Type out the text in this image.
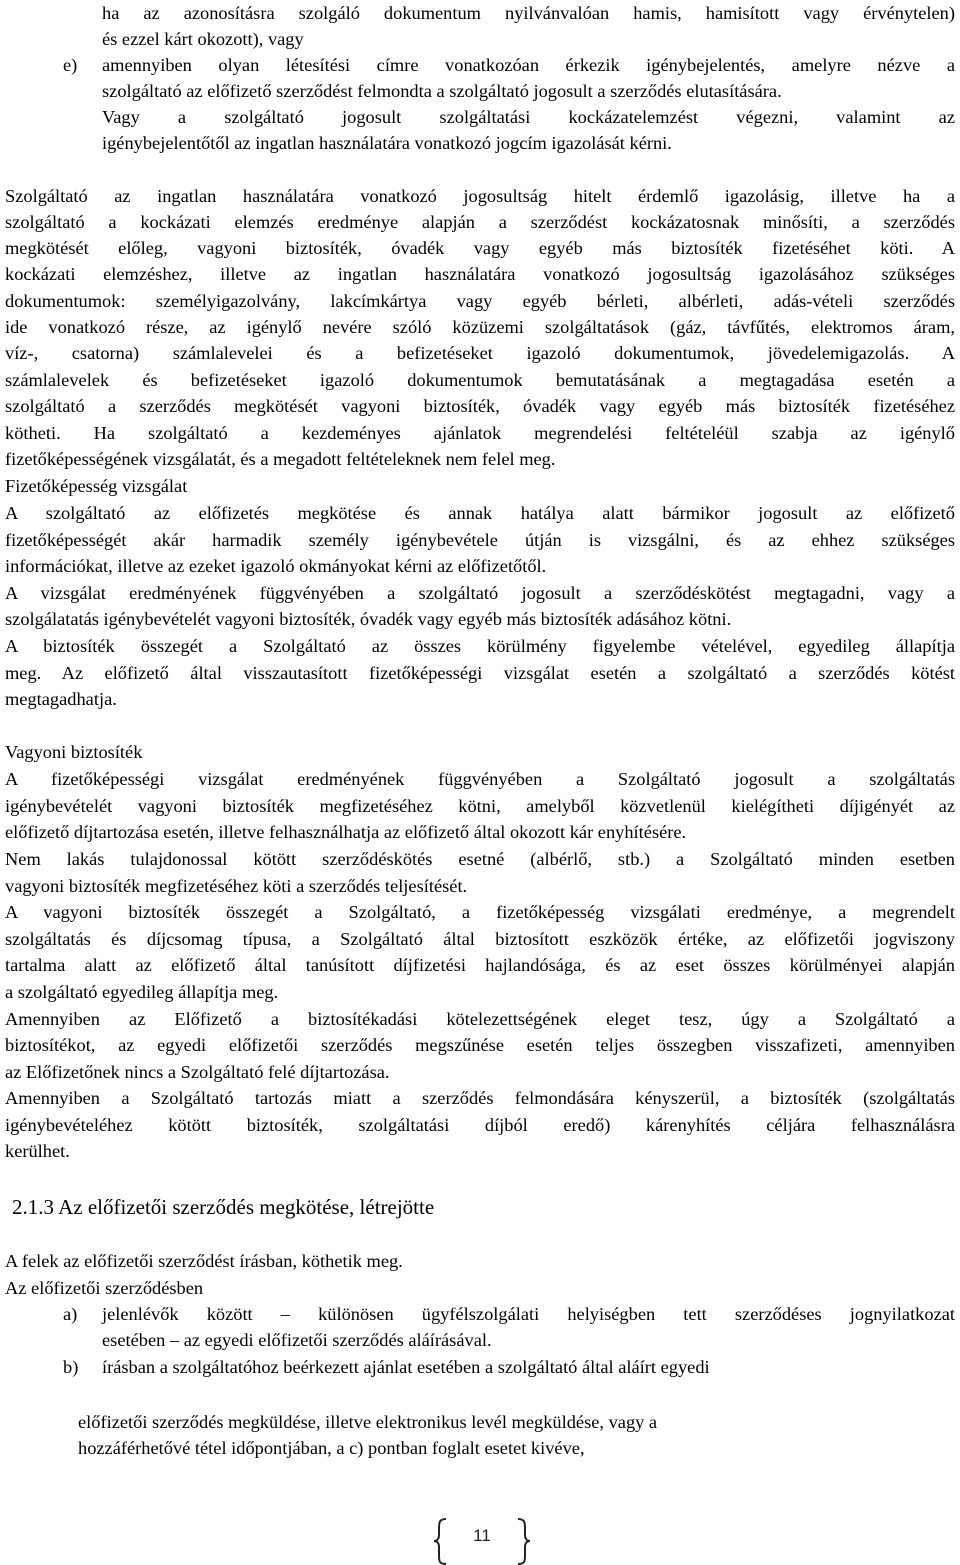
ha az azonosításra szolgáló dokumentum nyilvánvalóan hamis, hamisított vagy érvénytelen)
és ezzel kárt okozott), vagy
e) amennyiben olyan létesítési címre vonatkozóan érkezik igénybejelentés, amelyre nézve a
szolgáltató az előfizető szerződést felmondta a szolgáltató jogosult a szerződés elutasítására.
Vagy a szolgáltató jogosult szolgáltatási kockázatelemzést végezni, valamint az
igénybejelentőtől az ingatlan használatára vonatkozó jogcím igazolását kérni.
Szolgáltató az ingatlan használatára vonatkozó jogosultság hitelt érdemlő igazolásig, illetve ha a
szolgáltató a kockázati elemzés eredménye alapján a szerződést kockázatosnak minősíti, a szerződés
megkötését előleg, vagyoni biztosíték, óvadék vagy egyéb más biztosíték fizetéséhet köti. A
kockázati elemzéshez, illetve az ingatlan használatára vonatkozó jogosultság igazolásához szükséges
dokumentumok: személyigazolvány, lakcímkártya vagy egyéb bérleti, albérleti, adás-vételi szerződés
ide vonatkozó része, az igénylő nevére szóló közüzemi szolgáltatások (gáz, távfűtés, elektromos áram,
víz-, csatorna) számlalevelei és a befizetéseket igazoló dokumentumok, jövedelemigazolás. A
számlalevelek és befizetéseket igazoló dokumentumok bemutatásának a megtagadása esetén a
szolgáltató a szerződés megkötését vagyoni biztosíték, óvadék vagy egyéb más biztosíték fizetéséhez
kötheti. Ha szolgáltató a kezdeményes ajánlatok megrendelési feltételéül szabja az igénylő
fizetőképességének vizsgálatát, és a megadott feltételeknek nem felel meg.
Fizetőképesség vizsgálat
A szolgáltató az előfizetés megkötése és annak hatálya alatt bármikor jogosult az előfizető
fizetőképességét akár harmadik személy igénybevétele útján is vizsgálni, és az ehhez szükséges
információkat, illetve az ezeket igazoló okmányokat kérni az előfizetőtől.
A vizsgálat eredményének függvényében a szolgáltató jogosult a szerződéskötést megtagadni, vagy a
szolgálatatás igénybevételét vagyoni biztosíték, óvadék vagy egyéb más biztosíték adásához kötni.
A biztosíték összegét a Szolgáltató az összes körülmény figyelembe vételével, egyedileg állapítja
meg. Az előfizető által visszautasított fizetőképességi vizsgálat esetén a szolgáltató a szerződés kötést
megtagadhatja.
Vagyoni biztosíték
A fizetőképességi vizsgálat eredményének függvényében a Szolgáltató jogosult a szolgáltatás
igénybevételét vagyoni biztosíték megfizetéséhez kötni, amelyből közvetlenül kielégítheti díjigényét az
előfizető díjtartozása esetén, illetve felhasználhatja az előfizető által okozott kár enyhítésére.
Nem lakás tulajdonossal kötött szerződéskötés esetné (albérlő, stb.) a Szolgáltató minden esetben
vagyoni biztosíték megfizetéséhez köti a szerződés teljesítését.
A vagyoni biztosíték összegét a Szolgáltató, a fizetőképesség vizsgálati eredménye, a megrendelt
szolgáltatás és díjcsomag típusa, a Szolgáltató által biztosított eszközök értéke, az előfizetői jogviszony
tartalma alatt az előfizető által tanúsított díjfizetési hajlandósága, és az eset összes körülményei alapján
a szolgáltató egyedileg állapítja meg.
Amennyiben az Előfizető a biztosítékadási kötelezettségének eleget tesz, úgy a Szolgáltató a
biztosítékot, az egyedi előfizetői szerződés megszűnése esetén teljes összegben visszafizeti, amennyiben
az Előfizetőnek nincs a Szolgáltató felé díjtartozása.
Amennyiben a Szolgáltató tartozás miatt a szerződés felmondására kényszerül, a biztosíték (szolgáltatás
igénybevételéhez kötött biztosíték, szolgáltatási díjból eredő) kárenyhítés céljára felhasználásra
kerülhet.
2.1.3 Az előfizetői szerződés megkötése, létrejötte
A felek az előfizetői szerződést írásban, köthetik meg.
Az előfizetői szerződésben
a) jelenlévők között – különösen ügyfélszolgálati helyiségben tett szerződéses jognyilatkozat
esetében – az egyedi előfizetői szerződés aláírásával.
b) írásban a szolgáltatóhoz beérkezett ajánlat esetében a szolgáltató által aláírt egyedi
előfizetői szerződés megküldése, illetve elektronikus levél megküldése, vagy a
hozzáférhetővé tétel időpontjában, a c) pontban foglalt esetet kivéve,
11
